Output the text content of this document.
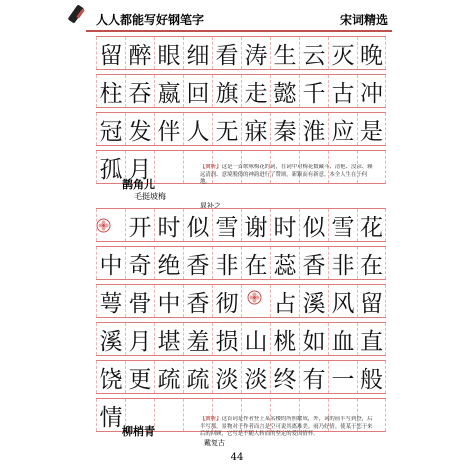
人人都能写好钢笔字	宋词精选
留 醉 眼 细 看 涛 生 云 灭 晚
柱 吞 嬴 回 旗 走 懿 千 古 冲
冠 发 伴 人 无 寐 秦 淮 应 是
孤 月
鹊角儿
毛挺坡梅
晁补之
【赏析】这是一首歌咏梅花的词，在词中对梅花数藏斗、清艳、没杂、赖远清润、意境脱俗的神韵进行了赞颂，新颖而有新意。本全人生在于何地。
开 时 似 雪 谢 时 似 雪 花
中 奇 绝 香 非 在 蕊 香 非 在
萼 骨 中 香 彻 占 溪 风 留
溪 月 堪 羞 损 山 桃 如 血 直
饶 更 疏 疏 淡 淡 终 有 一 般
情
柳梢青
戴复古
【赏析】这首词是作者登上某名楼的所照耀成，外，词的前半写到登，后半写那，景物对于作者而言是空可说其离难美。雨乃好情。使某于恋于来后的回顾，它写是不随人转而的坚定的爱国情怀。
44
